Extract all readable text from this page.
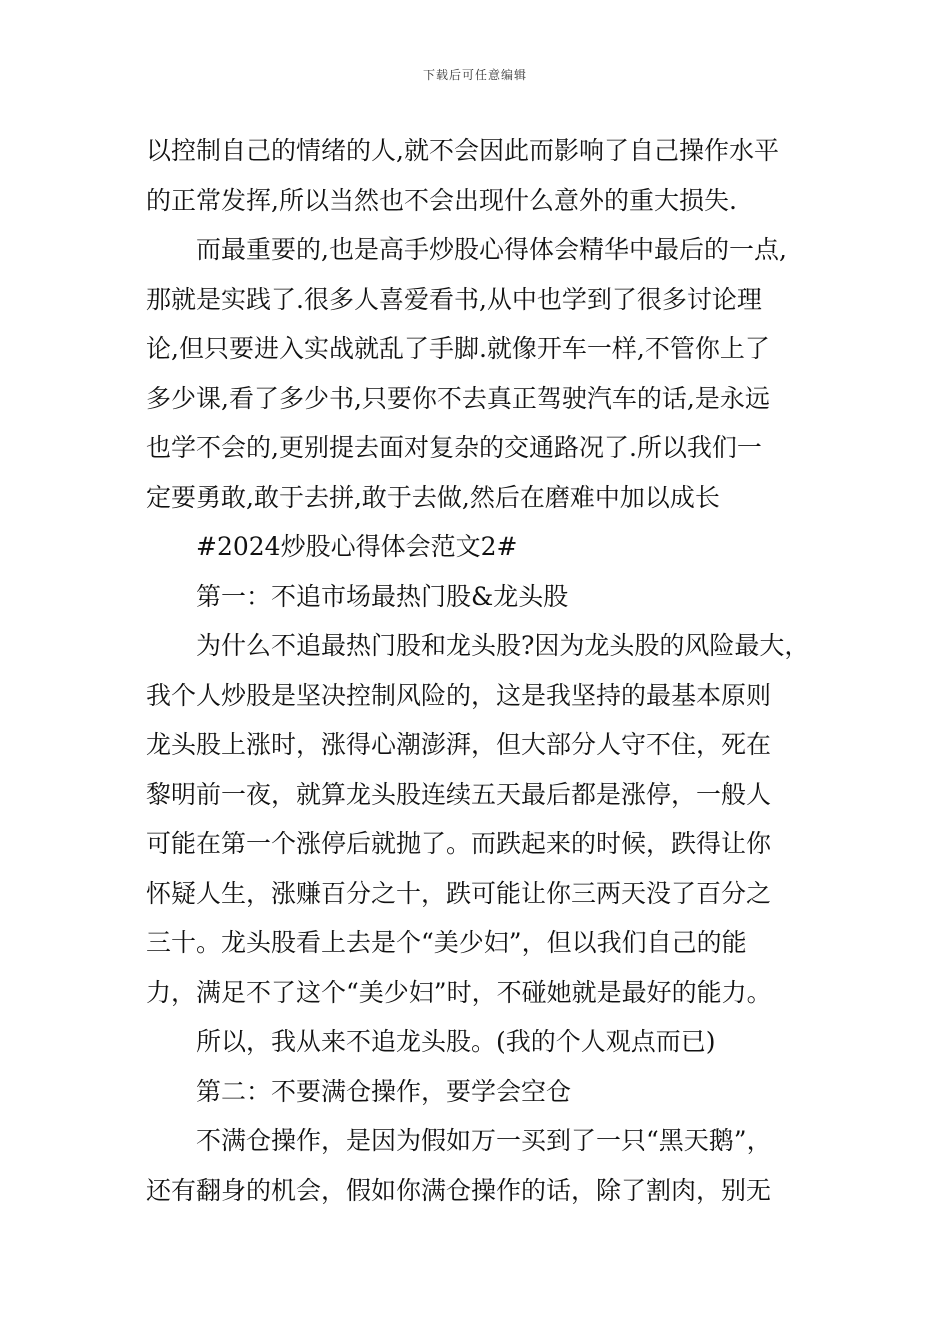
下载后可任意编辑
以控制自己的情绪的人,就不会因此而影响了自己操作水平
的正常发挥,所以当然也不会出现什么意外的重大损失.
而最重要的,也是高手炒股心得体会精华中最后的一点,
那就是实践了.很多人喜爱看书,从中也学到了很多讨论理
论,但只要进入实战就乱了手脚.就像开车一样,不管你上了
多少课,看了多少书,只要你不去真正驾驶汽车的话,是永远
也学不会的,更别提去面对复杂的交通路况了.所以我们一
定要勇敢,敢于去拼,敢于去做,然后在磨难中加以成长
#2024炒股心得体会范文2#
第一：不追市场最热门股&龙头股
为什么不追最热门股和龙头股?因为龙头股的风险最大，
我个人炒股是坚决控制风险的，这是我坚持的最基本原则
龙头股上涨时，涨得心潮澎湃，但大部分人守不住，死在
黎明前一夜，就算龙头股连续五天最后都是涨停，一般人
可能在第一个涨停后就抛了。而跌起来的时候，跌得让你
怀疑人生，涨赚百分之十，跌可能让你三两天没了百分之
三十。龙头股看上去是个“美少妇”，但以我们自己的能
力，满足不了这个“美少妇”时，不碰她就是最好的能力。
所以，我从来不追龙头股。(我的个人观点而已)
第二：不要满仓操作，要学会空仓
不满仓操作，是因为假如万一买到了一只“黑天鹅”，
还有翻身的机会，假如你满仓操作的话，除了割肉，别无
